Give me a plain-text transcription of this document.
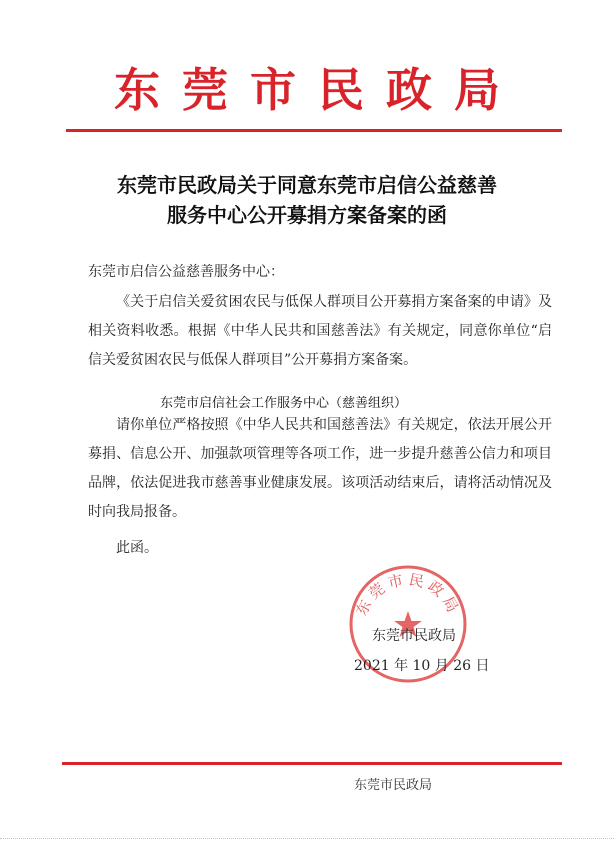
东莞市民政局
东莞市民政局关于同意东莞市启信公益慈善
服务中心公开募捐方案备案的函
东莞市启信公益慈善服务中心：
《关于启信关爱贫困农民与低保人群项目公开募捐方案备案的申请》及相关资料收悉。根据《中华人民共和国慈善法》有关规定，同意你单位“启信关爱贫困农民与低保人群项目”公开募捐方案备案。
东莞市启信社会工作服务中心（慈善组织）
请你单位严格按照《中华人民共和国慈善法》有关规定，依法开展公开募捐、信息公开、加强款项管理等各项工作，进一步提升慈善公信力和项目品牌，依法促进我市慈善事业健康发展。该项活动结束后，请将活动情况及时向我局报备。
此函。
东莞市民政局
东莞市民政局
2021 年 10 月 26 日
东莞市民政局
